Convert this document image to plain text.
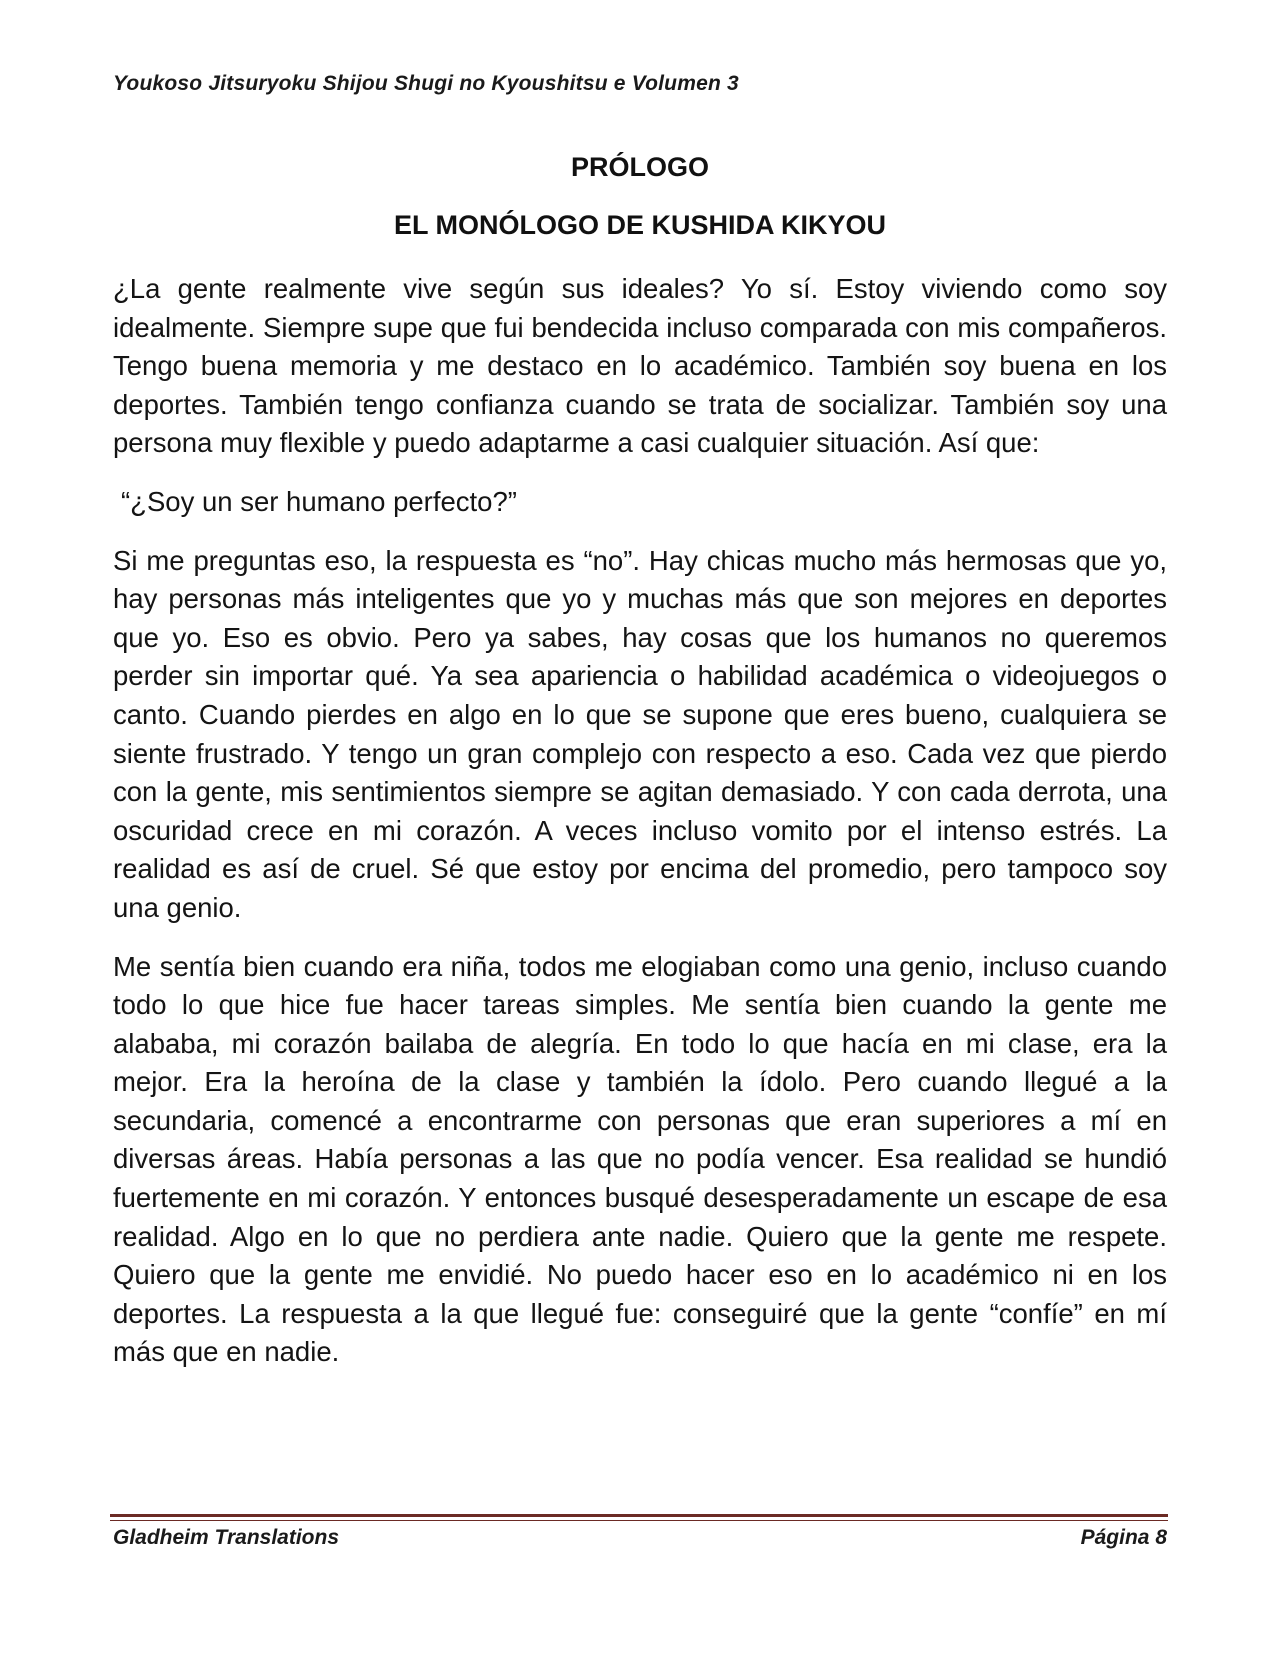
Youkoso Jitsuryoku Shijou Shugi no Kyoushitsu e Volumen 3
PRÓLOGO
EL MONÓLOGO DE KUSHIDA KIKYOU

¿La gente realmente vive según sus ideales? Yo sí. Estoy viviendo como soy idealmente. Siempre supe que fui bendecida incluso comparada con mis compañeros. Tengo buena memoria y me destaco en lo académico. También soy buena en los deportes. También tengo confianza cuando se trata de socializar. También soy una persona muy flexible y puedo adaptarme a casi cualquier situación. Así que:

“¿Soy un ser humano perfecto?”

Si me preguntas eso, la respuesta es “no”. Hay chicas mucho más hermosas que yo, hay personas más inteligentes que yo y muchas más que son mejores en deportes que yo. Eso es obvio. Pero ya sabes, hay cosas que los humanos no queremos perder sin importar qué. Ya sea apariencia o habilidad académica o videojuegos o canto. Cuando pierdes en algo en lo que se supone que eres bueno, cualquiera se siente frustrado. Y tengo un gran complejo con respecto a eso. Cada vez que pierdo con la gente, mis sentimientos siempre se agitan demasiado. Y con cada derrota, una oscuridad crece en mi corazón. A veces incluso vomito por el intenso estrés. La realidad es así de cruel. Sé que estoy por encima del promedio, pero tampoco soy una genio.

Me sentía bien cuando era niña, todos me elogiaban como una genio, incluso cuando todo lo que hice fue hacer tareas simples. Me sentía bien cuando la gente me alababa, mi corazón bailaba de alegría. En todo lo que hacía en mi clase, era la mejor. Era la heroína de la clase y también la ídolo. Pero cuando llegué a la secundaria, comencé a encontrarme con personas que eran superiores a mí en diversas áreas. Había personas a las que no podía vencer. Esa realidad se hundió fuertemente en mi corazón. Y entonces busqué desesperadamente un escape de esa realidad. Algo en lo que no perdiera ante nadie. Quiero que la gente me respete. Quiero que la gente me envidié. No puedo hacer eso en lo académico ni en los deportes. La respuesta a la que llegué fue: conseguiré que la gente “confíe” en mí más que en nadie.

Gladheim Translations	Página 8
